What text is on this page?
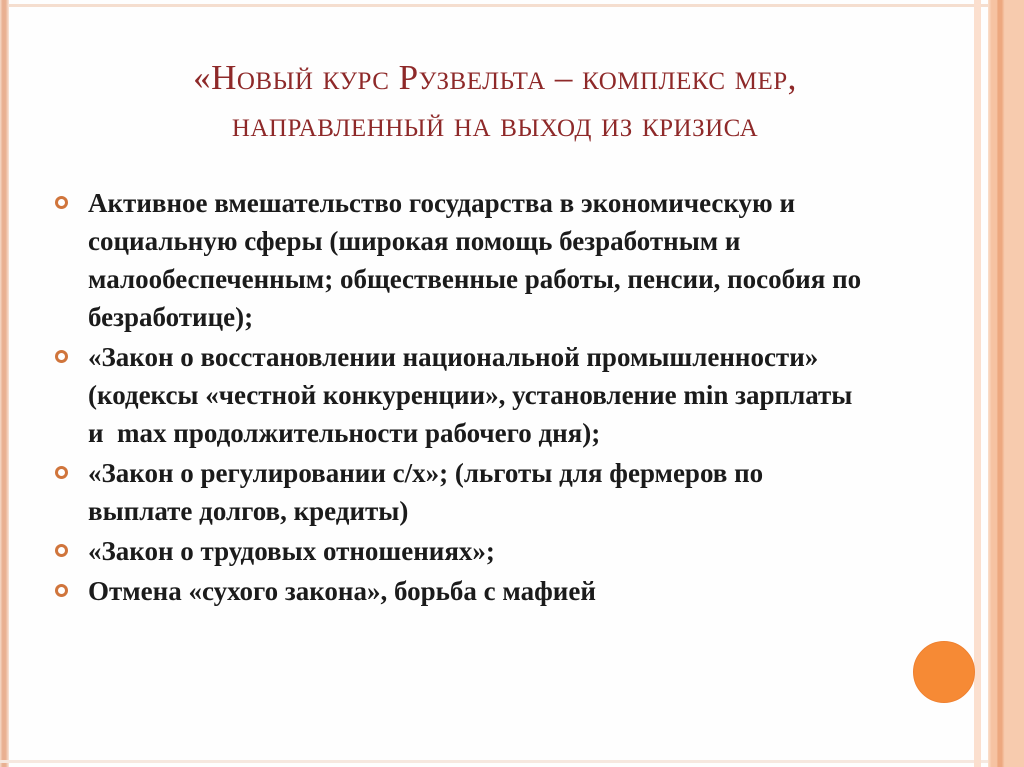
«Новый курс Рузвельта – комплекс мер,
направленный на выход из кризиса
Активное вмешательство государства в экономическую и
социальную сферы (широкая помощь безработным и
малообеспеченным; общественные работы, пенсии, пособия по
безработице);
«Закон о восстановлении национальной промышленности»
(кодексы «честной конкуренции», установление min зарплаты
и  max продолжительности рабочего дня);
«Закон о регулировании с/х»; (льготы для фермеров по
выплате долгов, кредиты)
«Закон о трудовых отношениях»;
Отмена «сухого закона», борьба с мафией
